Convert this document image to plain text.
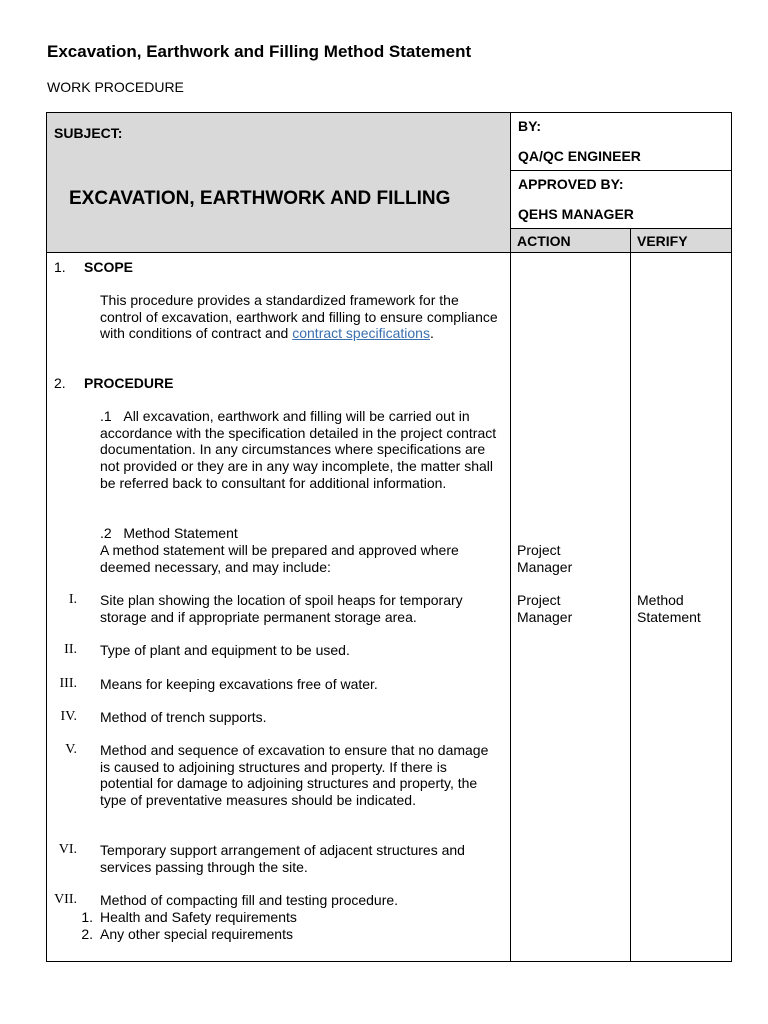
Excavation, Earthwork and Filling Method Statement
WORK PROCEDURE
SUBJECT:
EXCAVATION, EARTHWORK AND FILLING
BY:
QA/QC ENGINEER
APPROVED BY:
QEHS MANAGER
ACTION	VERIFY
1. SCOPE
This procedure provides a standardized framework for the control of excavation, earthwork and filling to ensure compliance with conditions of contract and contract specifications.
2. PROCEDURE
.1 All excavation, earthwork and filling will be carried out in accordance with the specification detailed in the project contract documentation. In any circumstances where specifications are not provided or they are in any way incomplete, the matter shall be referred back to consultant for additional information.
.2 Method Statement
A method statement will be prepared and approved where deemed necessary, and may include:
Project Manager
I. Site plan showing the location of spoil heaps for temporary storage and if appropriate permanent storage area.
Project Manager
Method Statement
II. Type of plant and equipment to be used.
III. Means for keeping excavations free of water.
IV. Method of trench supports.
V. Method and sequence of excavation to ensure that no damage is caused to adjoining structures and property. If there is potential for damage to adjoining structures and property, the type of preventative measures should be indicated.
VI. Temporary support arrangement of adjacent structures and services passing through the site.
VII. Method of compacting fill and testing procedure.
1. Health and Safety requirements
2. Any other special requirements
